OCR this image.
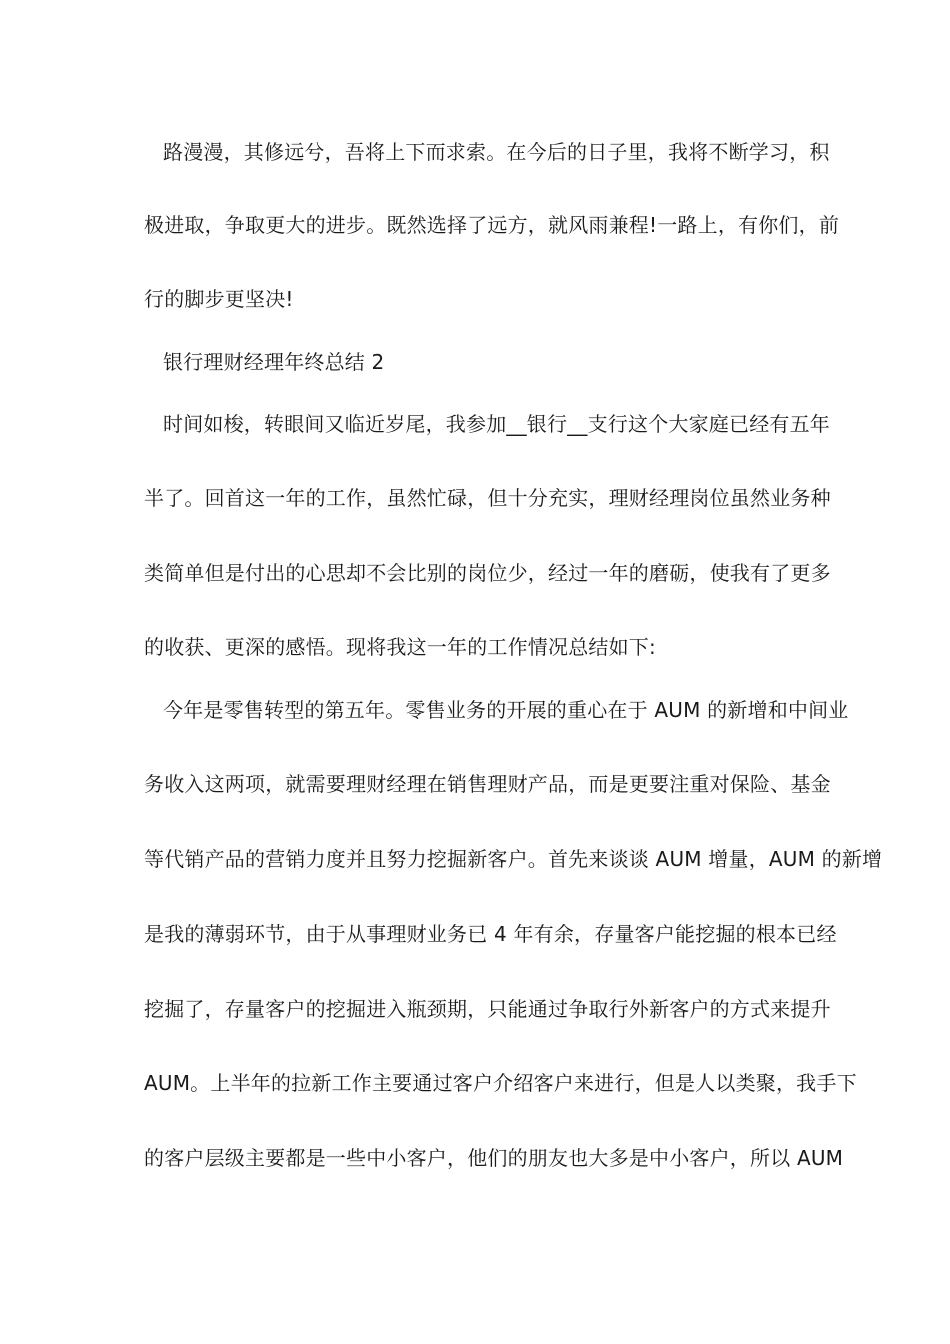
路漫漫，其修远兮，吾将上下而求索。在今后的日子里，我将不断学习，积
极进取，争取更大的进步。既然选择了远方，就风雨兼程!一路上，有你们，前
行的脚步更坚决!
银行理财经理年终总结 2
时间如梭，转眼间又临近岁尾，我参加__银行__支行这个大家庭已经有五年
半了。回首这一年的工作，虽然忙碌，但十分充实，理财经理岗位虽然业务种
类简单但是付出的心思却不会比别的岗位少，经过一年的磨砺，使我有了更多
的收获、更深的感悟。现将我这一年的工作情况总结如下:
今年是零售转型的第五年。零售业务的开展的重心在于 AUM 的新增和中间业
务收入这两项，就需要理财经理在销售理财产品，而是更要注重对保险、基金
等代销产品的营销力度并且努力挖掘新客户。首先来谈谈 AUM 增量，AUM 的新增
是我的薄弱环节，由于从事理财业务已 4 年有余，存量客户能挖掘的根本已经
挖掘了，存量客户的挖掘进入瓶颈期，只能通过争取行外新客户的方式来提升
AUM。上半年的拉新工作主要通过客户介绍客户来进行，但是人以类聚，我手下
的客户层级主要都是一些中小客户，他们的朋友也大多是中小客户，所以 AUM
